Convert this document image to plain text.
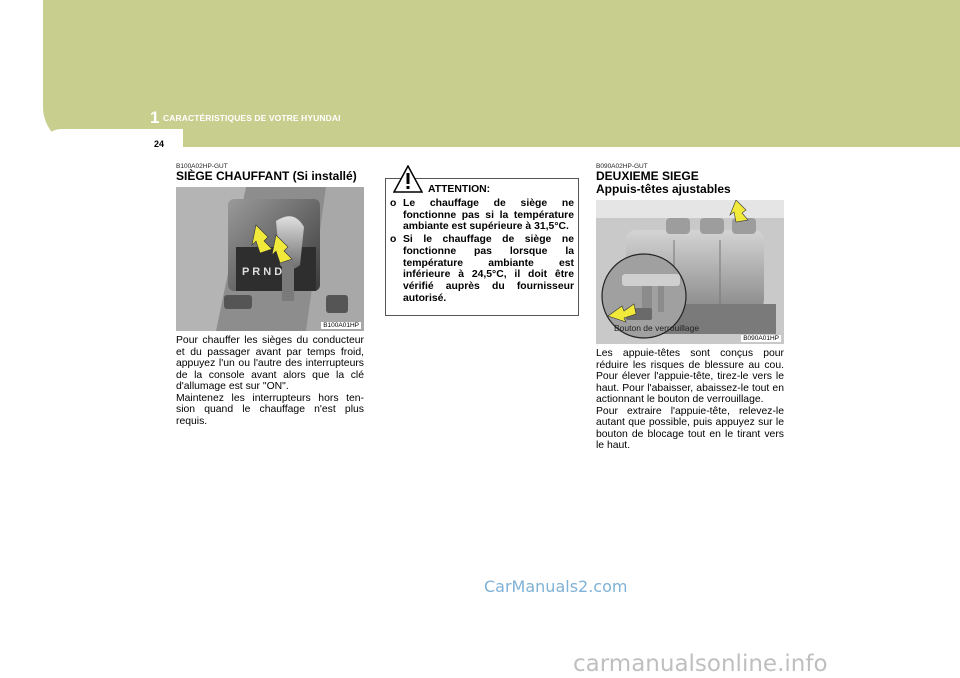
1 CARACTÉRISTIQUES DE VOTRE HYUNDAI
24
B100A02HP-GUT
SIÈGE CHAUFFANT (Si installé)
P R N D
B100A01HP
Pour chauffer les sièges du conducteur et du passager avant par temps froid, appuyez l'un ou l'autre des interrupteurs de la console avant alors que la clé d'allumage est sur "ON".
Maintenez les interrupteurs hors ten-sion quand le chauffage n'est plus requis.
ATTENTION:
o Le chauffage de siège ne fonctionne pas si la température ambiante est supérieure à 31,5°C.
o Si le chauffage de siège ne fonctionne pas lorsque la température ambiante est inférieure à 24,5°C, il doit être vérifié auprès du fournisseur autorisé.
B090A02HP-GUT
DEUXIEME SIEGE
Appuis-têtes ajustables
Bouton de verrouillage
B090A01HP
Les appuie-têtes sont conçus pour réduire les risques de blessure au cou. Pour élever l'appuie-tête, tirez-le vers le haut. Pour l'abaisser, abaissez-le tout en actionnant le bouton de verrouillage.
Pour extraire l'appuie-tête, relevez-le autant que possible, puis appuyez sur le bouton de blocage tout en le tirant vers le haut.
CarManuals2.com
carmanualsonline.info
